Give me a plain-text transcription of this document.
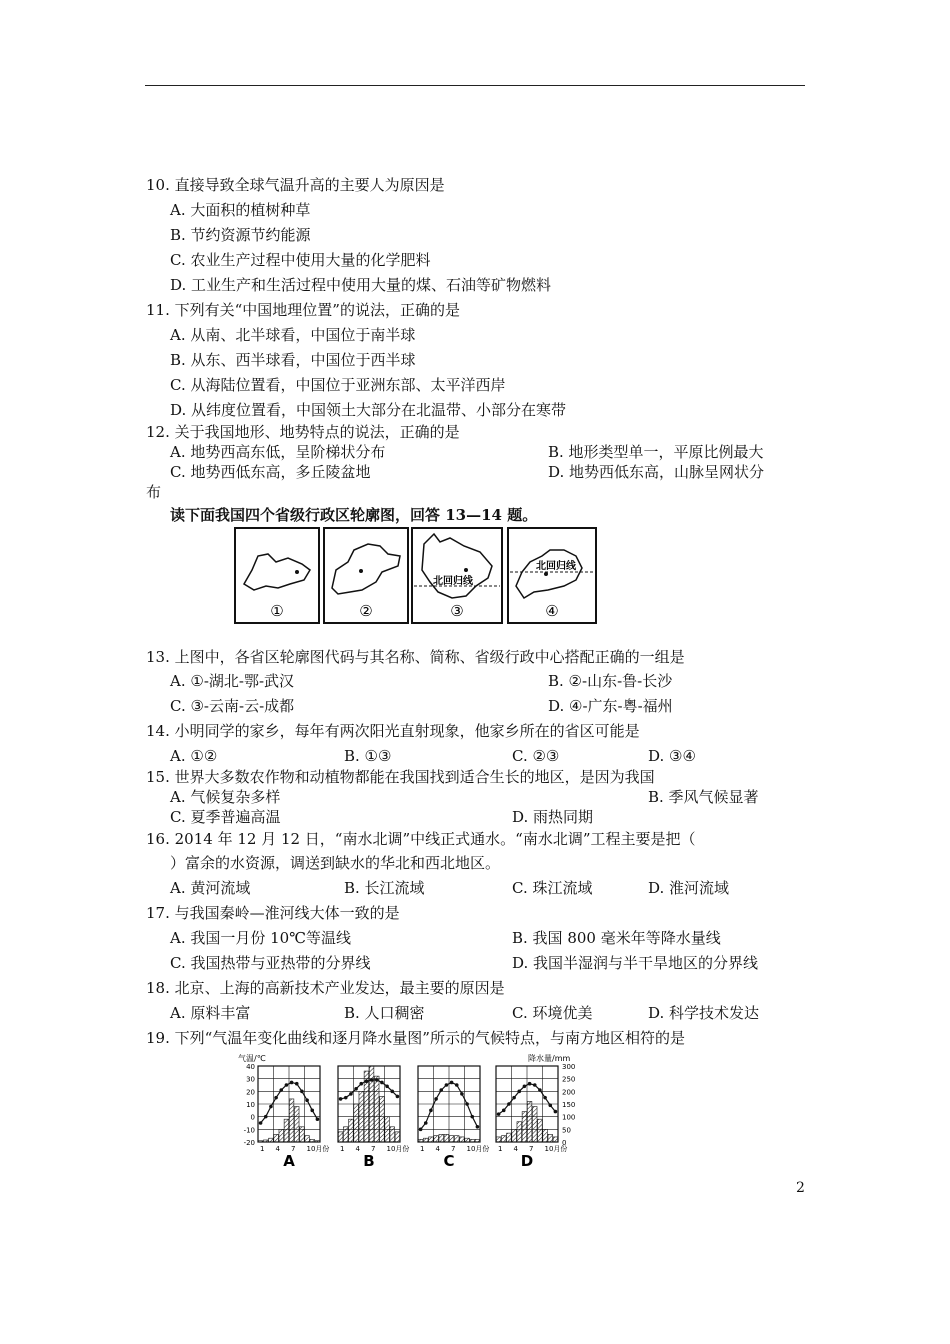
10. 直接导致全球气温升高的主要人为原因是
A. 大面积的植树种草
B. 节约资源节约能源
C. 农业生产过程中使用大量的化学肥料
D. 工业生产和生活过程中使用大量的煤、石油等矿物燃料
11. 下列有关“中国地理位置”的说法，正确的是
A. 从南、北半球看，中国位于南半球
B. 从东、西半球看，中国位于西半球
C. 从海陆位置看，中国位于亚洲东部、太平洋西岸
D. 从纬度位置看，中国领土大部分在北温带、小部分在寒带
12. 关于我国地形、地势特点的说法，正确的是
A. 地势西高东低，呈阶梯状分布	B. 地形类型单一，平原比例最大
C. 地势西低东高，多丘陵盆地	D. 地势西低东高，山脉呈网状分
布
读下面我国四个省级行政区轮廓图，回答 13—14 题。
①	②
北回归线
③
北回归线
④
13. 上图中，各省区轮廓图代码与其名称、简称、省级行政中心搭配正确的一组是
A. ①-湖北-鄂-武汉	B. ②-山东-鲁-长沙
C. ③-云南-云-成都	D. ④-广东-粤-福州
14. 小明同学的家乡，每年有两次阳光直射现象，他家乡所在的省区可能是
A. ①②	B. ①③	C. ②③	D. ③④
15. 世界大多数农作物和动植物都能在我国找到适合生长的地区，是因为我国
A. 气候复杂多样	B. 季风气候显著
C. 夏季普遍高温	D. 雨热同期
16. 2014 年 12 月 12 日，“南水北调”中线正式通水。“南水北调”工程主要是把（
）富余的水资源，调送到缺水的华北和西北地区。
A. 黄河流域	B. 长江流域	C. 珠江流域	D. 淮河流域
17. 与我国秦岭—淮河线大体一致的是
A. 我国一月份 10℃等温线	B. 我国 800 毫米年等降水量线
C. 我国热带与亚热带的分界线	D. 我国半湿润与半干旱地区的分界线
18. 北京、上海的高新技术产业发达，最主要的原因是
A. 原料丰富	B. 人口稠密	C. 环境优美	D. 科学技术发达
19. 下列“气温年变化曲线和逐月降水量图”所示的气候特点，与南方地区相符的是
气温/℃	降水量/mm
40
30
20
10
0
-10
-20
300
250
200
150
100
50
0
1 4 7 10月份
A
1 4 7 10月份
B
1 4 7 10月份
C
1 4 7 10月份
D
2
